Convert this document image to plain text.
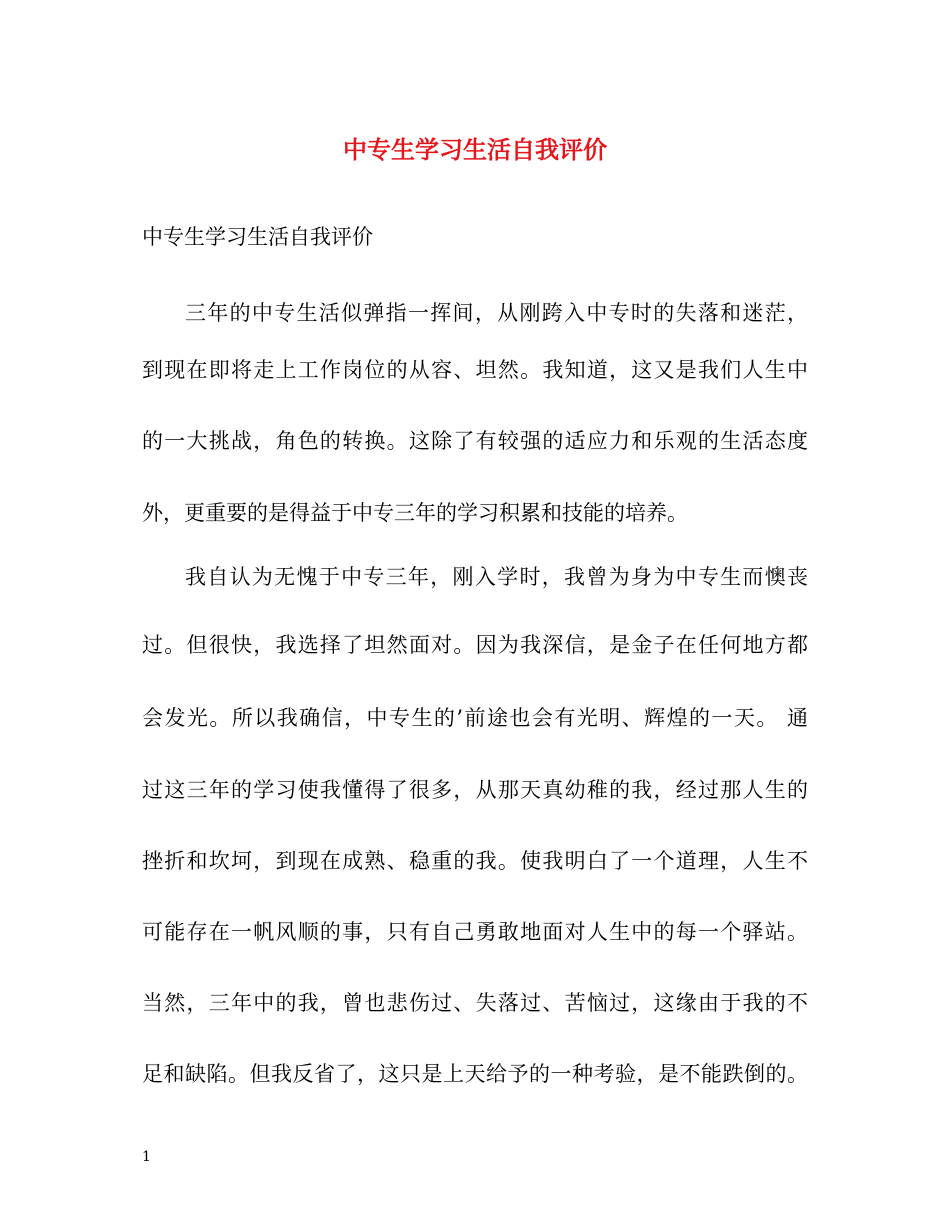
中专生学习生活自我评价
中专生学习生活自我评价
三年的中专生活似弹指一挥间，从刚跨入中专时的失落和迷茫，
到现在即将走上工作岗位的从容、坦然。我知道，这又是我们人生中
的一大挑战，角色的转换。这除了有较强的适应力和乐观的生活态度
外，更重要的是得益于中专三年的学习积累和技能的培养。
我自认为无愧于中专三年，刚入学时，我曾为身为中专生而懊丧
过。但很快，我选择了坦然面对。因为我深信，是金子在任何地方都
会发光。所以我确信，中专生的’前途也会有光明、辉煌的一天。 通
过这三年的学习使我懂得了很多，从那天真幼稚的我，经过那人生的
挫折和坎坷，到现在成熟、稳重的我。使我明白了一个道理，人生不
可能存在一帆风顺的事，只有自己勇敢地面对人生中的每一个驿站。
当然，三年中的我，曾也悲伤过、失落过、苦恼过，这缘由于我的不
足和缺陷。但我反省了，这只是上天给予的一种考验，是不能跌倒的。
1
